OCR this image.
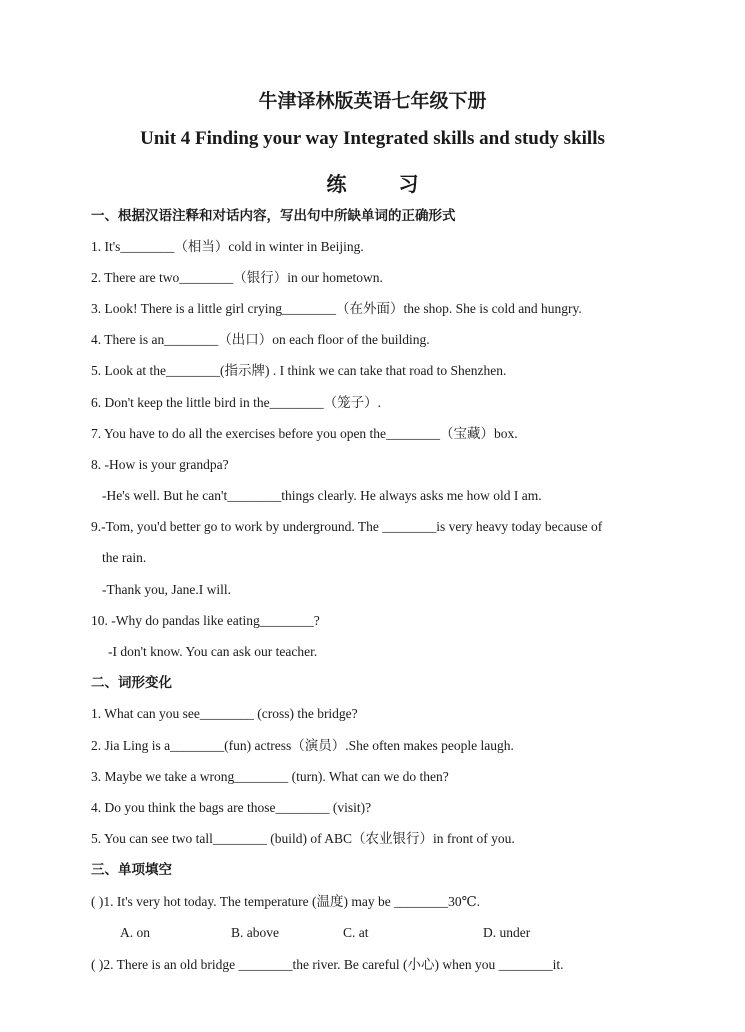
牛津译林版英语七年级下册
Unit 4 Finding your way Integrated skills and study skills
练	习
一、根据汉语注释和对话内容，写出句中所缺单词的正确形式
1. It's________（相当）cold in winter in Beijing.
2. There are two________（银行）in our hometown.
3. Look! There is a little girl crying________（在外面）the shop. She is cold and hungry.
4. There is an________（出口）on each floor of the building.
5. Look at the________(指示牌) . I think we can take that road to Shenzhen.
6. Don't keep the little bird in the________（笼子）.
7. You have to do all the exercises before you open the________（宝藏）box.
8. -How is your grandpa?
-He's well. But he can't________things clearly. He always asks me how old I am.
9.-Tom, you'd better go to work by underground. The ________is very heavy today because of
the rain.
-Thank you, Jane.I will.
10. -Why do pandas like eating________?
-I don't know. You can ask our teacher.
二、词形变化
1. What can you see________ (cross) the bridge?
2. Jia Ling is a________(fun) actress（演员）.She often makes people laugh.
3. Maybe we take a wrong________ (turn). What can we do then?
4. Do you think the bags are those________ (visit)?
5. You can see two tall________ (build) of ABC（农业银行）in front of you.
三、单项填空
( )1. It's very hot today. The temperature (温度) may be ________30℃.
A. on	B. above	C. at	D. under
( )2. There is an old bridge ________the river. Be careful (小心) when you ________it.
